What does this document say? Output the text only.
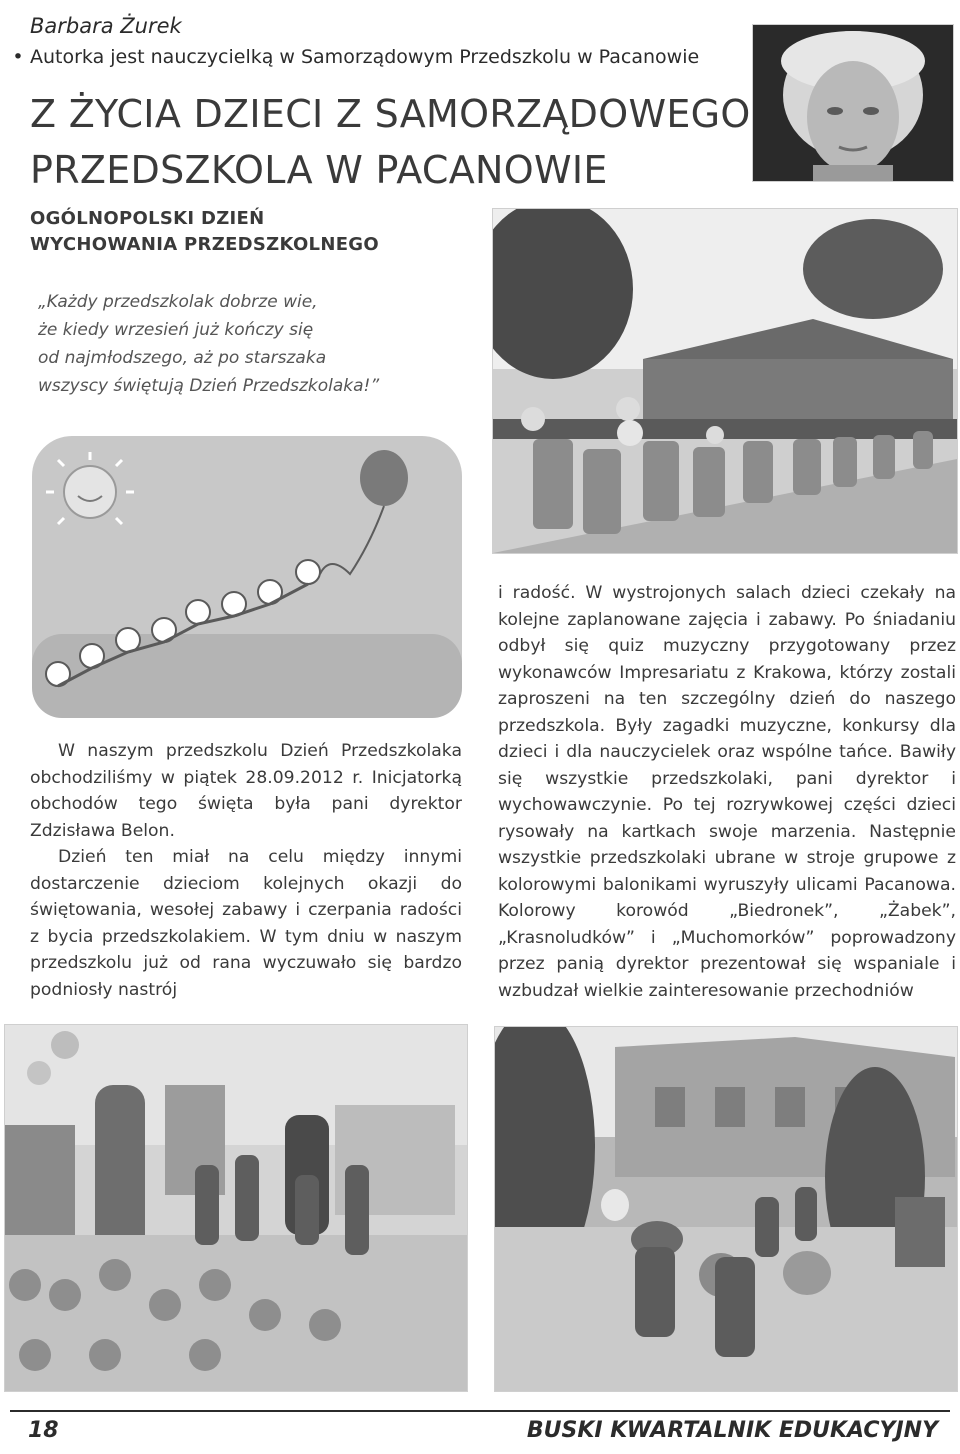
Barbara Żurek
• Autorka jest nauczycielką w Samorządowym Przedszkolu w Pacanowie
Z ŻYCIA DZIECI Z SAMORZĄDOWEGO
PRZEDSZKOLA W PACANOWIE
OGÓLNOPOLSKI DZIEŃ
WYCHOWANIA PRZEDSZKOLNEGO
„Każdy przedszkolak dobrze wie,
że kiedy wrzesień już kończy się
od najmłodszego, aż po starszaka
wszyscy świętują Dzień Przedszkolaka!”

W naszym przedszkolu Dzień Przedszkolaka obchodziliśmy w piątek 28.09.2012 r. Inicjatorką obchodów tego święta była pani dyrektor Zdzisława Belon.

Dzień ten miał na celu między innymi dostarczenie dzieciom kolejnych okazji do świętowania, wesołej zabawy i czerpania radości z bycia przedszkolakiem. W tym dniu w naszym przedszkolu już od rana wyczuwało się bardzo podniosły nastrój

i radość. W wystrojonych salach dzieci czekały na kolejne zaplanowane zajęcia i zabawy. Po śniadaniu odbył się quiz muzyczny przygotowany przez wykonawców Impresariatu z Krakowa, którzy zostali zaproszeni na ten szczególny dzień do naszego przedszkola. Były zagadki muzyczne, konkursy dla dzieci i dla nauczycielek oraz wspólne tańce. Bawiły się wszystkie przedszkolaki, pani dyrektor i wychowawczynie. Po tej rozrywkowej części dzieci rysowały na kartkach swoje marzenia. Następnie wszystkie przedszkolaki ubrane w stroje grupowe z kolorowymi balonikami wyruszyły ulicami Pacanowa. Kolorowy korowód „Biedronek”, „Żabek”, „Krasnoludków” i „Muchomorków” poprowadzony przez panią dyrektor prezentował się wspaniale i wzbudzał wielkie zainteresowanie przechodniów

18	BUSKI KWARTALNIK EDUKACYJNY
